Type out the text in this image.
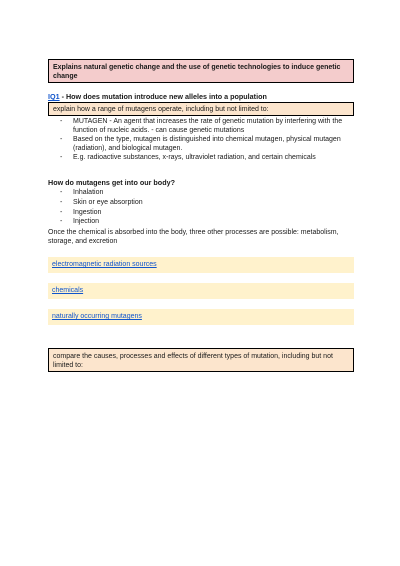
Explains natural genetic change and the use of genetic technologies to induce genetic change
IQ1 - How does mutation introduce new alleles into a population
explain how a range of mutagens operate, including but not limited to:
- MUTAGEN - An agent that increases the rate of genetic mutation by interfering with the function of nucleic acids. - can cause genetic mutations
- Based on the type, mutagen is distinguished into chemical mutagen, physical mutagen (radiation), and biological mutagen.
- E.g. radioactive substances, x-rays, ultraviolet radiation, and certain chemicals
How do mutagens get into our body?
- Inhalation
- Skin or eye absorption
- Ingestion
- Injection
Once the chemical is absorbed into the body, three other processes are possible: metabolism, storage, and excretion
electromagnetic radiation sources
chemicals
naturally occurring mutagens
compare the causes, processes and effects of different types of mutation, including but not limited to:
